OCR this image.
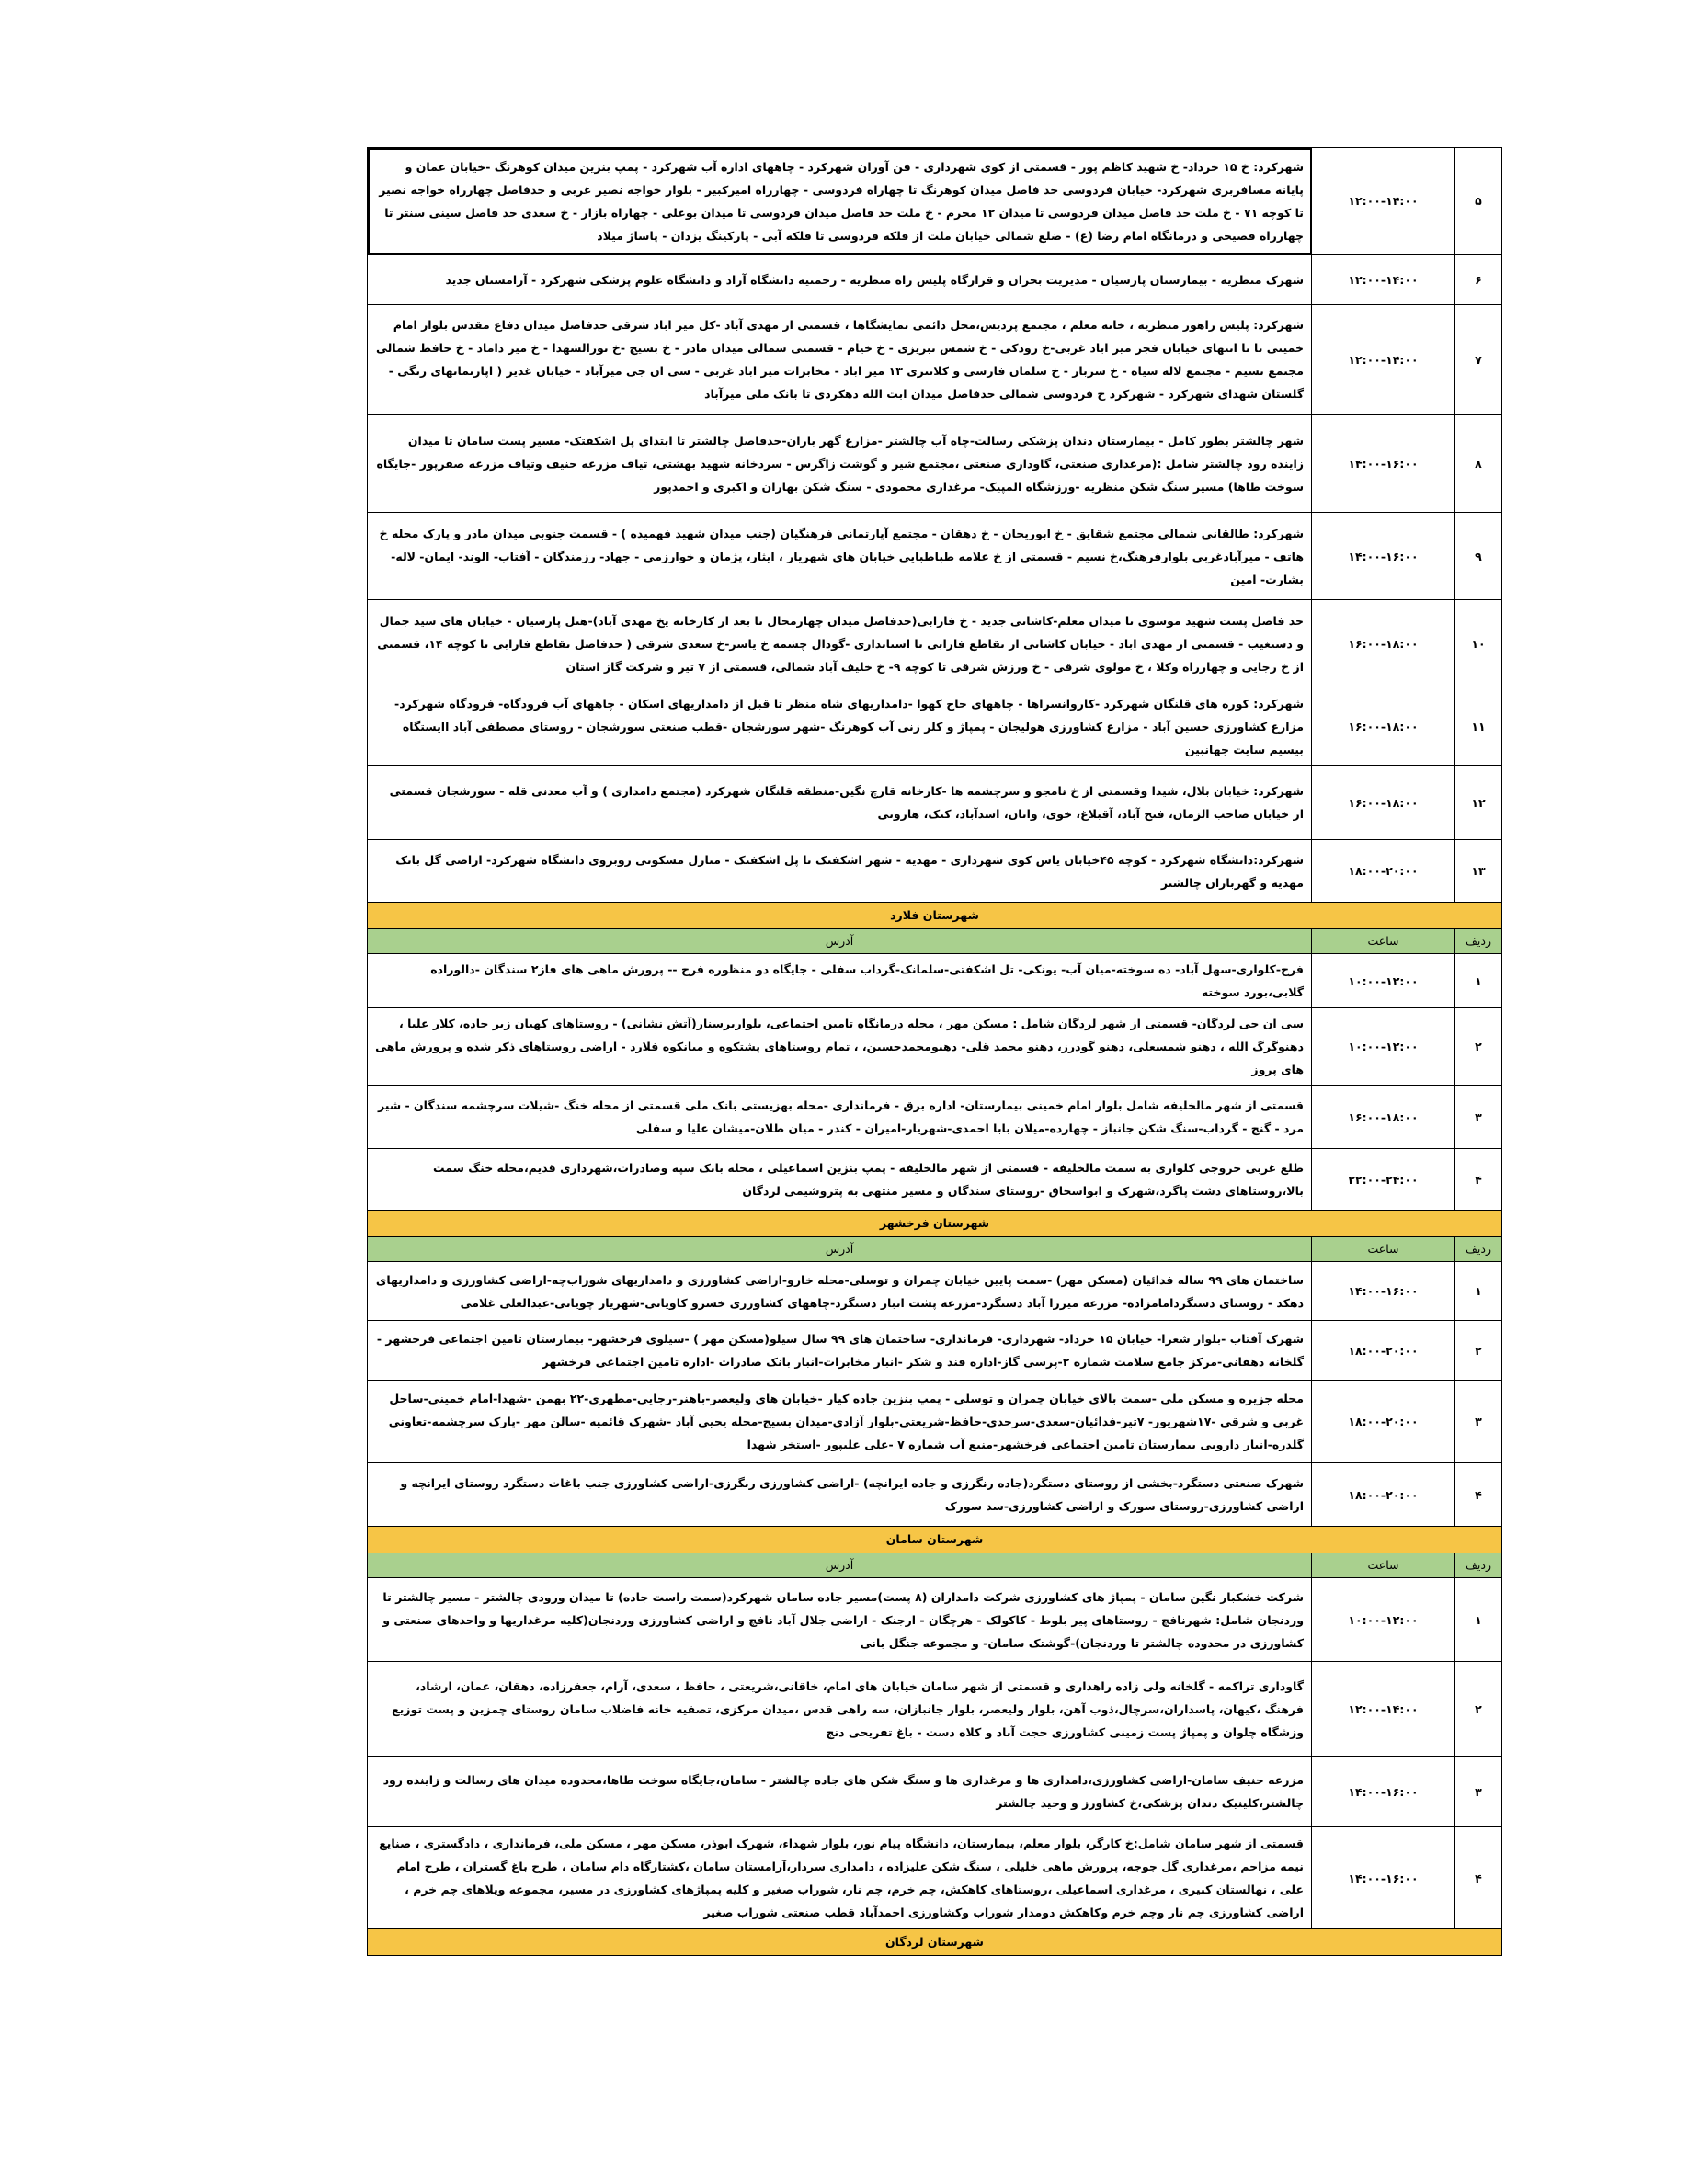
۵	۱۲:۰۰-۱۴:۰۰	شهرکرد: خ ۱۵ خرداد- خ شهید کاظم پور - قسمتی از کوی شهرداری - فن آوران شهرکرد - چاههای اداره آب شهرکرد - پمپ بنزین میدان کوهرنگ -خیابان عمان و پایانه مسافربری شهرکرد- خیابان فردوسی حد فاصل میدان کوهرنگ تا چهاراه فردوسی - چهارراه امیرکبیر - بلوار خواجه نصیر غربی و حدفاصل چهارراه خواجه نصیر تا کوچه ۷۱ - خ ملت حد فاصل میدان فردوسی تا میدان ۱۲ محرم - خ ملت حد فاصل میدان فردوسی تا میدان بوعلی - چهاراه بازار - خ سعدی حد فاصل سینی سنتر تا چهارراه فصیحی و درمانگاه امام رضا (ع) - ضلع شمالی خیابان ملت از فلکه فردوسی تا فلکه آبی - پارکینگ یزدان - پاساژ میلاد
۶	۱۲:۰۰-۱۴:۰۰	شهرک منظریه - بیمارستان پارسیان - مدیریت بحران و قرارگاه پلیس راه منظریه - رحمتیه دانشگاه آزاد و دانشگاه علوم پزشکی شهرکرد - آرامستان جدید
۷	۱۲:۰۰-۱۴:۰۰	شهرکرد: پلیس راهور منظریه ، خانه معلم ، مجتمع پردیس،محل دائمی نمایشگاها ، قسمتی از مهدی آباد -کل میر اباد شرقی حدفاصل میدان دفاع مقدس بلوار امام خمینی تا تا انتهای خیابان فجر میر اباد غربی-خ رودکی - خ شمس تبریزی - خ خیام - قسمتی شمالی میدان مادر - خ بسیج -خ نورالشهدا - خ میر داماد - خ حافظ شمالی مجتمع نسیم - مجتمع لاله سیاه - خ سرباز - خ سلمان فارسی و کلانتری ۱۳ میر اباد - مخابرات میر اباد غربی - سی ان جی میرآباد - خیابان غدیر ( اپارتمانهای رنگی - گلستان شهدای شهرکرد - شهرکرد خ فردوسی شمالی حدفاصل میدان ابت الله دهکردی تا بانک ملی میرآباد
۸	۱۴:۰۰-۱۶:۰۰	شهر چالشتر بطور کامل - بیمارستان دندان پزشکی رسالت-چاه آب چالشتر -مزارع گهر باران-حدفاصل چالشتر تا ابتدای پل اشکفتک- مسیر پست سامان تا میدان زاینده رود چالشتر شامل :(مرغداری صنعتی، گاوداری صنعتی ،مجتمع شیر و گوشت زاگرس - سردخانه شهید بهشتی، تیاف مزرعه حنیف وتیاف مزرعه صفرپور -جایگاه سوخت طاها) مسیر سنگ شکن منظریه -ورزشگاه المپیک- مرغداری محمودی - سنگ شکن بهاران و اکبری و احمدپور
۹	۱۴:۰۰-۱۶:۰۰	شهرکرد: طالقانی شمالی مجتمع شقایق - خ ابوریحان - خ دهقان - مجتمع آپارتمانی فرهنگیان (جنب میدان شهید فهمیده ) - قسمت جنوبی میدان مادر و پارک محله خ هاتف - میرآبادغربی بلوارفرهنگ،خ نسیم - قسمتی از خ علامه طباطبایی خیابان های شهریار ، ایثار، پژمان و خوارزمی - جهاد- رزمندگان - آفتاب- الوند- ایمان- لاله- بشارت- امین
۱۰	۱۶:۰۰-۱۸:۰۰	حد فاصل پست شهید موسوی تا میدان معلم-کاشانی جدید - خ فارابی(حدفاصل میدان چهارمحال تا بعد از کارخانه یخ مهدی آباد)-هتل پارسیان - خیابان های سید جمال و دستغیب - قسمتی از مهدی اباد - خیابان کاشانی از تقاطع فارابی تا استانداری -گودال چشمه خ یاسر-خ سعدی شرقی ( حدفاصل تقاطع فارابی تا کوچه ۱۴، قسمتی از خ رجایی و چهارراه وکلا ، خ مولوی شرقی - خ ورزش شرقی تا کوچه ۹- خ خلیف آباد شمالی، قسمتی از ۷ تیر و شرکت گاز استان
۱۱	۱۶:۰۰-۱۸:۰۰	شهرکرد: کوره های قلنگان شهرکرد -کاروانسراها - چاههای حاج کهوا -دامداریهای شاه منظر تا قبل از دامداریهای اسکان - چاههای آب فرودگاه- فرودگاه شهرکرد- مزارع کشاورزی حسین آباد - مزارع کشاورزی هولیجان - پمپاژ و کلر زنی آب کوهرنگ -شهر سورشجان -قطب صنعتی سورشجان - روستای مصطفی آباد اایستگاه بیسیم سایت جهانبین
۱۲	۱۶:۰۰-۱۸:۰۰	شهرکرد: خیابان بلال، شیدا وقسمتی از خ نامجو و سرچشمه ها -کارخانه قارچ نگین-منطقه قلنگان شهرکرد (مجتمع دامداری ) و آب معدنی قله - سورشجان قسمتی از خیابان صاحب الزمان، فتح آباد، آقبلاغ، خوی، وانان، اسدآباد، کنک، هارونی
۱۳	۱۸:۰۰-۲۰:۰۰	شهرکرد:دانشگاه شهرکرد - کوچه ۴۵خیابان یاس کوی شهرداری - مهدیه - شهر اشکفتک تا پل اشکفتک - منازل مسکونی روبروی دانشگاه شهرکرد- اراضی گل بانک مهدیه و گهرباران چالشتر
شهرستان فلارد		
ردیف	ساعت	آدرس
۱	۱۰:۰۰-۱۲:۰۰	فرح-کلواری-سهل آباد- ده سوخته-میان آب- یونکی- تل اشکفتی-سلمانک-گرداب سفلی - جایگاه دو منظوره فرح -- پرورش ماهی های فاز۲ سندگان -دالوراده گلابی،بورد سوخته
۲	۱۰:۰۰-۱۲:۰۰	سی ان جی لردگان- قسمتی از شهر لردگان شامل : مسکن مهر ، محله درمانگاه تامین اجتماعی، بلواربرسنار(آتش نشانی) - روستاهای کهیان زیر جاده، کلار علیا ، دهنوگرگ الله ، دهنو شمسعلی، دهنو گودرز، دهنو محمد قلی- دهنومحمدحسین، ، تمام روستاهای پشتکوه و میانکوه فلارد - اراضی روستاهای ذکر شده و پرورش ماهی های پروز
۳	۱۶:۰۰-۱۸:۰۰	قسمتی از شهر مالخلیفه شامل بلوار امام خمینی بیمارستان- اداره برق - فرمانداری -محله بهزیستی بانک ملی قسمتی از محله خنگ -شیلات سرچشمه سندگان - شیر مرد - گنج - گرداب-سنگ شکن جانباز - چهارده-میلان بابا احمدی-شهریار-امیران - کندر - میان طلان-میشان علیا و سفلی
۴	۲۲:۰۰-۲۴:۰۰	طلع غربی خروجی کلواری به سمت مالخلیفه - قسمتی از شهر مالخلیفه - پمپ بنزین اسماعیلی ، محله بانک سپه وصادرات،شهرداری قدیم،محله خنگ سمت بالا،روستاهای دشت پاگرد،شهرک و ابواسحاق -روستای سندگان و مسیر منتهی به پتروشیمی لردگان
شهرستان فرخشهر		
ردیف	ساعت	آدرس
۱	۱۴:۰۰-۱۶:۰۰	ساختمان های ۹۹ ساله فدائیان (مسکن مهر) -سمت پایین خیابان چمران و توسلی-محله خارو-اراضی کشاورزی و دامداریهای شوراب‌چه-اراضی کشاورزی و دامداریهای دهکد - روستای دستگردامامزاده- مزرعه میرزا آباد دستگرد-مزرعه پشت انبار دستگرد-چاههای کشاورزی خسرو کاویانی-شهریار چویانی-عبدالعلی غلامی
۲	۱۸:۰۰-۲۰:۰۰	شهرک آفتاب -بلوار شعرا- خیابان ۱۵ خرداد- شهرداری- فرمانداری- ساختمان های ۹۹ سال سیلو(مسکن مهر ) -سیلوی فرخشهر- بیمارستان تامین اجتماعی فرخشهر - گلخانه دهقانی-مرکز جامع سلامت شماره ۲-پرسی گاز-اداره قند و شکر -انبار مخابرات-انبار بانک صادرات -اداره تامین اجتماعی فرخشهر
۳	۱۸:۰۰-۲۰:۰۰	محله جزیره و مسکن ملی -سمت بالای خیابان چمران و توسلی - پمپ بنزین جاده کیار -خیابان های ولیعصر-باهنر-رجایی-مطهری-۲۲ بهمن -شهدا-امام خمینی-ساحل غربی و شرقی -۱۷شهریور- ۷تیر-فدائیان-سعدی-سرحدی-حافظ-شریعتی-بلوار آزادی-میدان بسیج-محله یحیی آباد -شهرک قائمیه -سالن مهر -پارک سرچشمه-تعاونی گلدره-انبار داروبی بیمارستان تامین اجتماعی فرخشهر-منبع آب شماره ۷ -علی علیپور -استخر شهدا
۴	۱۸:۰۰-۲۰:۰۰	شهرک صنعتی دستگرد-بخشی از روستای دستگرد(جاده رنگرزی و جاده ایرانچه) -اراضی کشاورزی رنگرزی-اراضی کشاورزی جنب باغات دستگرد روستای ایرانچه و اراضی کشاورزی-روستای سورک و اراضی کشاورزی-سد سورک
شهرستان سامان		
ردیف	ساعت	آدرس
۱	۱۰:۰۰-۱۲:۰۰	شرکت خشکبار نگین سامان - پمپاژ های کشاورزی شرکت دامداران (۸ پست)مسیر جاده سامان شهرکرد(سمت راست جاده) تا میدان ورودی چالشتر - مسیر چالشتر تا وردنجان شامل: شهرنافچ - روستاهای پیر بلوط - کاکولک - هرچگان - ارجنک - اراضی جلال آباد نافچ و اراضی کشاورزی وردنجان(کلیه مرغداریها و واحدهای صنعتی و کشاورزی در محدوده چالشتر تا وردنجان)-گوشتک سامان- و مجموعه جنگل بانی
۲	۱۲:۰۰-۱۴:۰۰	گاوداری تراکمه - گلخانه ولی زاده راهداری و قسمتی از شهر سامان خیابان های امام، خاقانی،شریعتی ، حافظ ، سعدی، آرام، جعفرزاده، دهقان، عمان، ارشاد، فرهنگ ،کیهان، پاسداران،سرچال،ذوب آهن، بلوار ولیعصر، بلوار جانبازان، سه راهی قدس ،میدان مرکزی، تصفیه خانه فاضلاب سامان روستای چمزین و پست توزیع وزشگاه چلوان و پمپاژ پست زمینی کشاورزی حجت آباد و کلاه دست - باغ تفریحی دنج
۳	۱۴:۰۰-۱۶:۰۰	مزرعه حنیف سامان-اراضی کشاورزی،دامداری ها و مرغداری ها و سنگ شکن های جاده چالشتر - سامان،جایگاه سوخت طاها،محدوده میدان های رسالت و زاینده رود چالشتر،کلینیک دندان پزشکی،خ کشاورز و وحید چالشتر
۴	۱۴:۰۰-۱۶:۰۰	قسمتی از شهر سامان شامل:خ کارگر، بلوار معلم، بیمارستان، دانشگاه پیام نور، بلوار شهداء، شهرک ابوذر، مسکن مهر ، مسکن ملی، فرمانداری ، دادگستری ، صنایع نیمه مزاحم ،مرغداری گل جوجه، پرورش ماهی خلیلی ، سنگ شکن علیزاده ، دامداری سردار،آرامستان سامان ،کشتارگاه دام سامان ، طرح باغ گستران ، طرح امام علی ، نهالستان کبیری ، مرغداری اسماعیلی ،روستاهای کاهکش، چم خرم، چم نار، شوراب صغیر و کلیه پمپاژهای کشاورزی در مسیر، مجموعه ویلاهای چم خرم ، اراضی کشاورزی چم نار وچم خرم وکاهکش دومدار شوراب وکشاورزی احمدآباد قطب صنعتی شوراب صغیر
شهرستان لردگان		
